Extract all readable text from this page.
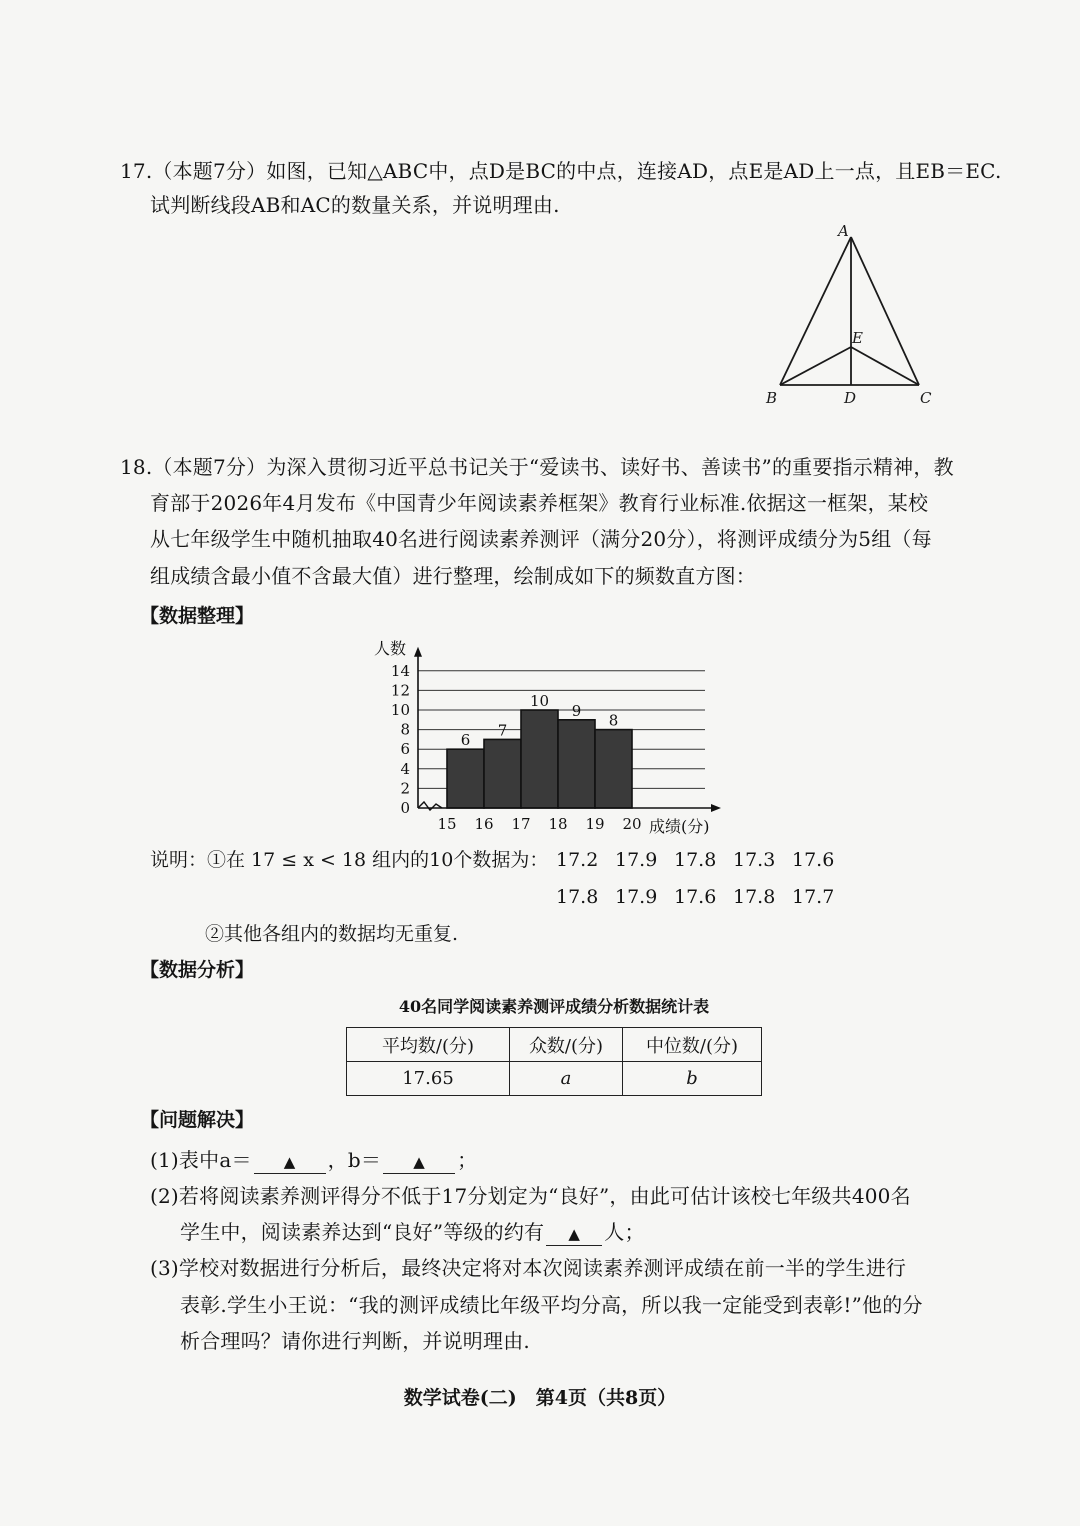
17.（本题7分）如图，已知△ABC中，点D是BC的中点，连接AD，点E是AD上一点，且EB＝EC.
试判断线段AB和AC的数量关系，并说明理由.
A
E
B	D	C
18.（本题7分）为深入贯彻习近平总书记关于“爱读书、读好书、善读书”的重要指示精神，教
育部于2026年4月发布《中国青少年阅读素养框架》教育行业标准.依据这一框架，某校
从七年级学生中随机抽取40名进行阅读素养测评（满分20分），将测评成绩分为5组（每
组成绩含最小值不含最大值）进行整理，绘制成如下的频数直方图：
【数据整理】
0
2
4
6
8
10
12
14
6
7
10
9
8
15 16 17 18 19 20
人数
成绩(分)
说明：①在 17 ≤ x < 18 组内的10个数据为： 17.2 17.9 17.8 17.3 17.6
17.8 17.9 17.6 17.8 17.7
②其他各组内的数据均无重复.
【数据分析】
40名同学阅读素养测评成绩分析数据统计表
平均数/(分)	众数/(分)	中位数/(分)
17.65	a	b
【问题解决】
(1)表中a＝ ▲ ，b＝ ▲ ；
(2)若将阅读素养测评得分不低于17分划定为“良好”，由此可估计该校七年级共400名
学生中，阅读素养达到“良好”等级的约有 ▲ 人；
(3)学校对数据进行分析后，最终决定将对本次阅读素养测评成绩在前一半的学生进行
表彰.学生小王说：“我的测评成绩比年级平均分高，所以我一定能受到表彰!”他的分
析合理吗？请你进行判断，并说明理由.
数学试卷(二)　第4页（共8页）
